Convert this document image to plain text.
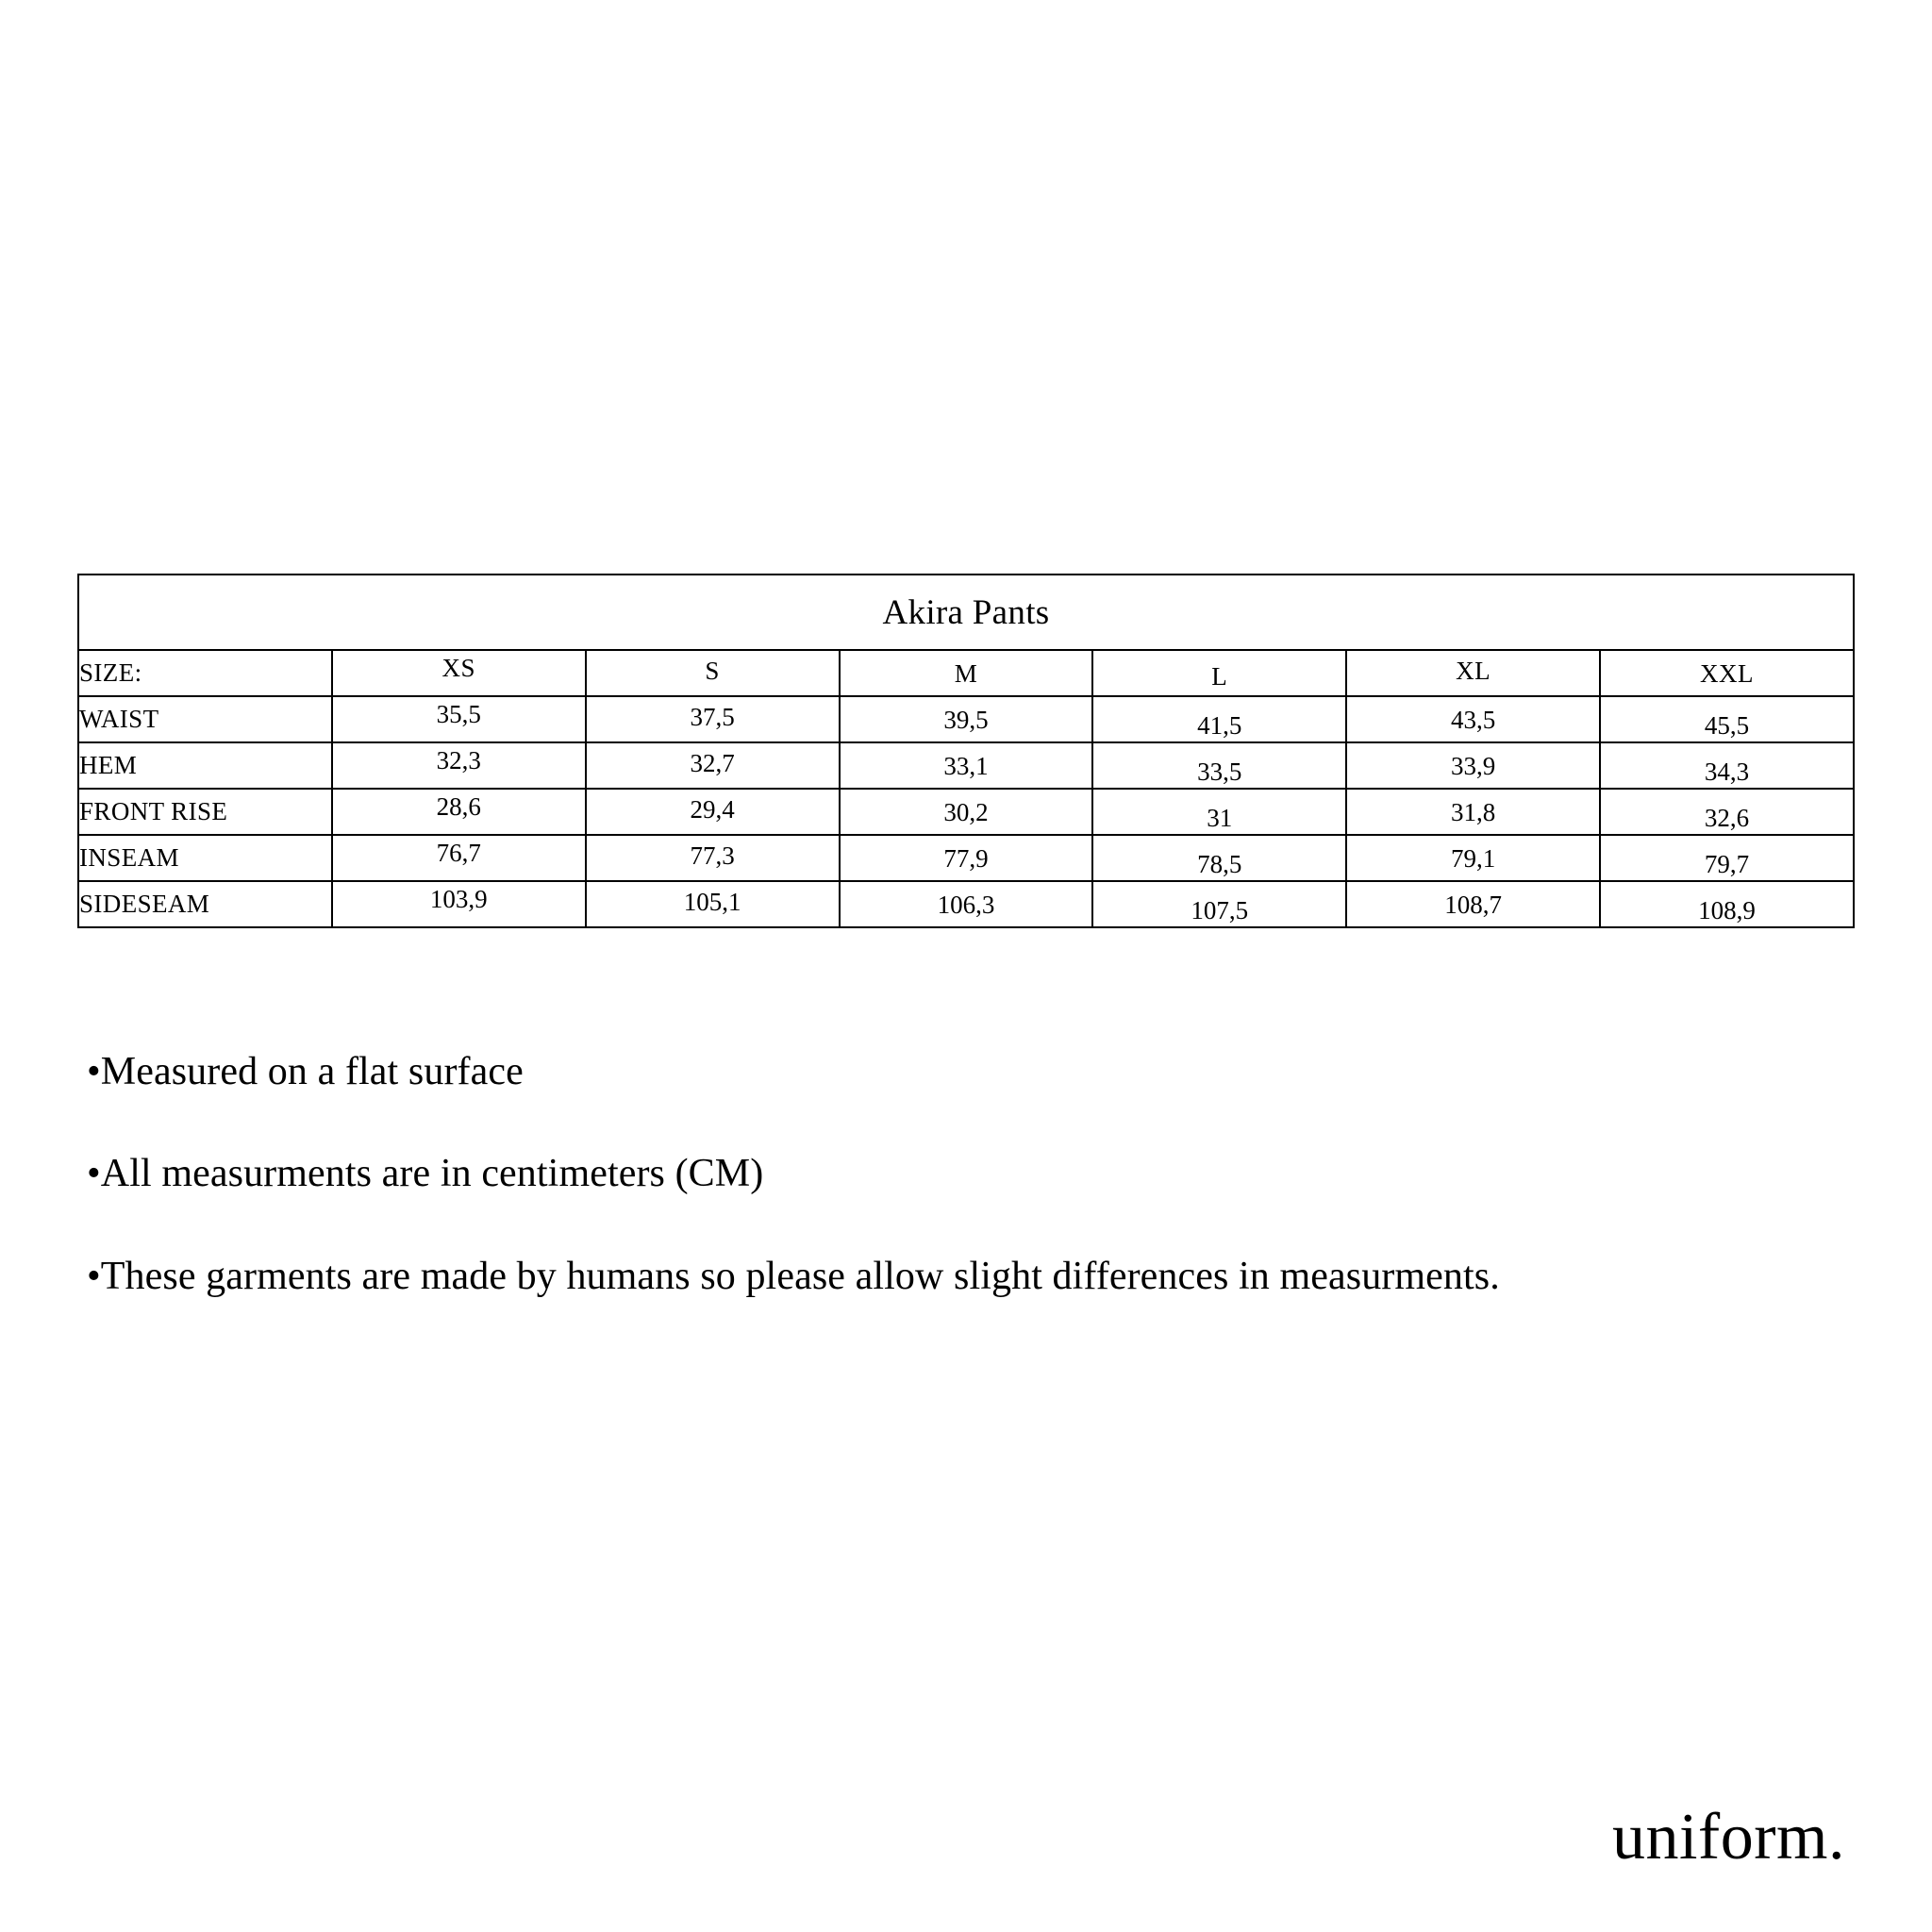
Akira Pants						
SIZE:	XS	S	M	L	XL	XXL
WAIST	35,5	37,5	39,5	41,5	43,5	45,5
HEM	32,3	32,7	33,1	33,5	33,9	34,3
FRONT RISE	28,6	29,4	30,2	31	31,8	32,6
INSEAM	76,7	77,3	77,9	78,5	79,1	79,7
SIDESEAM	103,9	105,1	106,3	107,5	108,7	108,9
•Measured on a flat surface
•All measurments are in centimeters (CM)
•These garments are made by humans so please allow slight differences in measurments.
uniform.
